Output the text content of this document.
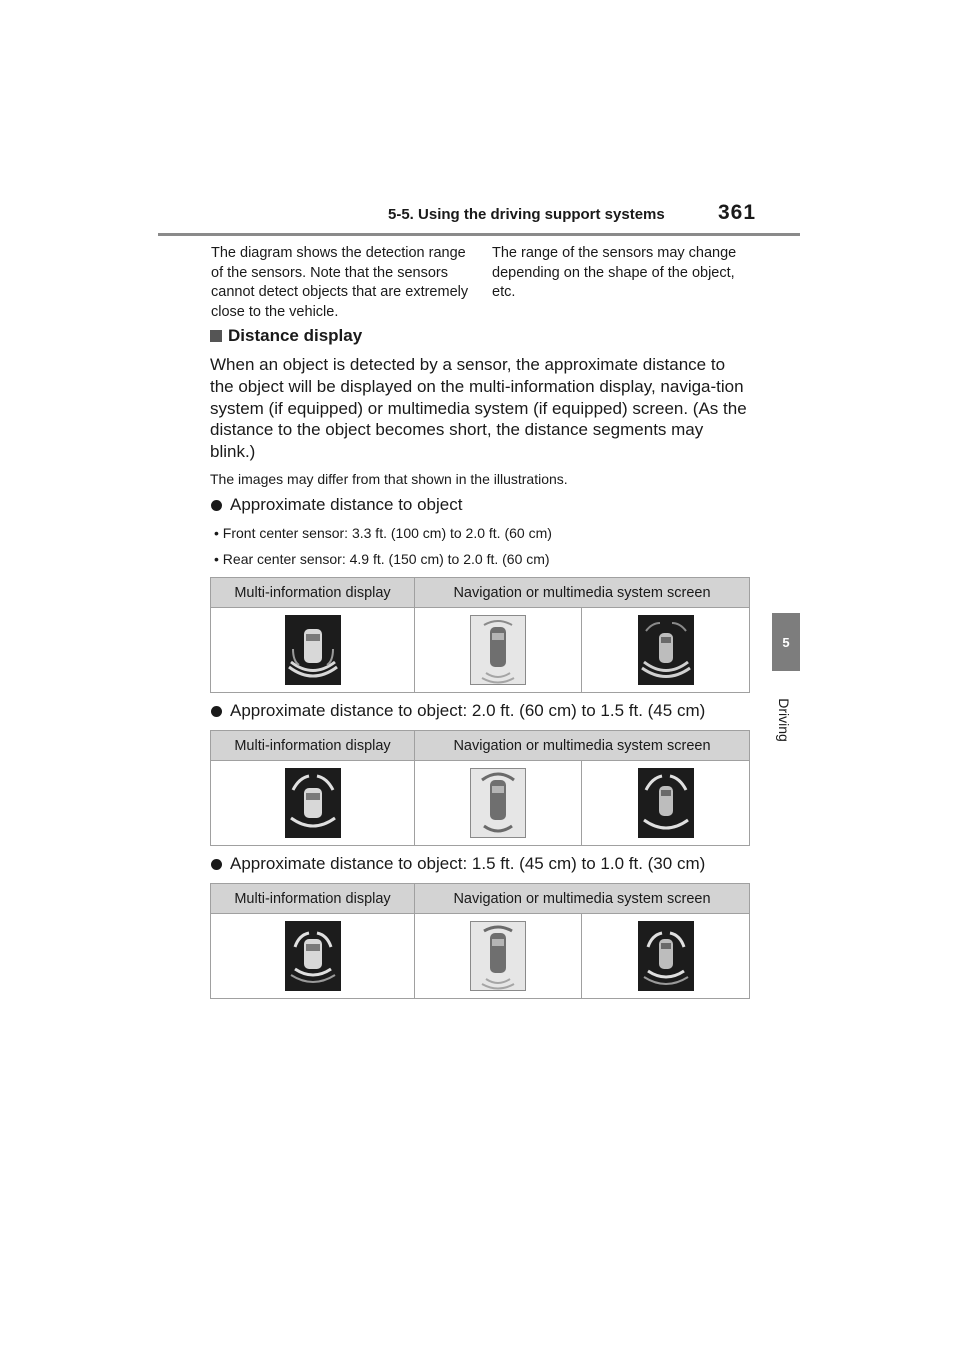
5-5. Using the driving support systems	361
5
Driving
The diagram shows the detection range of the sensors. Note that the sensors cannot detect objects that are extremely close to the vehicle.
The range of the sensors may change depending on the shape of the object, etc.
Distance display
When an object is detected by a sensor, the approximate distance to the object will be displayed on the multi-information display, naviga-tion system (if equipped) or multimedia system (if equipped) screen. (As the distance to the object becomes short, the distance segments may blink.)
The images may differ from that shown in the illustrations.
Approximate distance to object
• Front center sensor: 3.3 ft. (100 cm) to 2.0 ft. (60 cm)
• Rear center sensor: 4.9 ft. (150 cm) to 2.0 ft. (60 cm)
Multi-information display	Navigation or multimedia system screen	

Approximate distance to object: 2.0 ft. (60 cm) to 1.5 ft. (45 cm)
Multi-information display	Navigation or multimedia system screen	

Approximate distance to object: 1.5 ft. (45 cm) to 1.0 ft. (30 cm)
Multi-information display	Navigation or multimedia system screen	
